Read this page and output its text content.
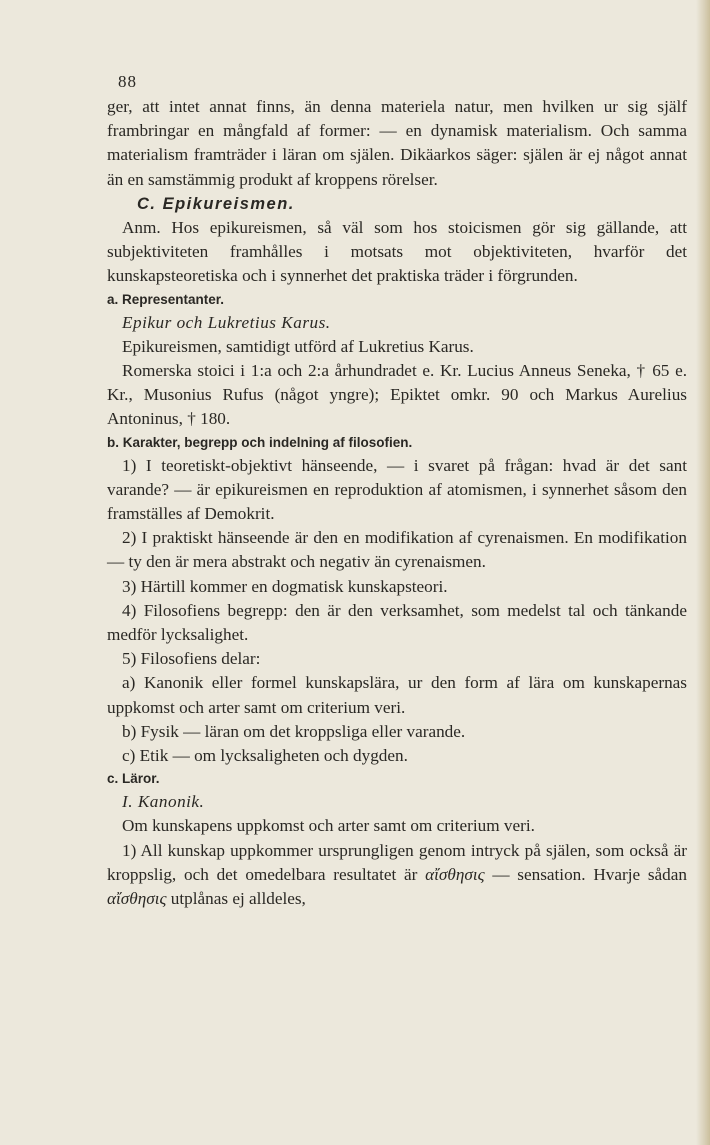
88

ger, att intet annat finns, än denna materiela natur, men hvilken ur sig själf frambringar en mångfald af former: — en dynamisk materialism. Och samma materialism framträder i läran om själen. Dikäarkos säger: själen är ej något annat än en samstämmig produkt af kroppens rörelser.

C. Epikureismen.

Anm. Hos epikureismen, så väl som hos stoicismen gör sig gällande, att subjektiviteten framhålles i motsats mot objektiviteten, hvarför det kunskapsteoretiska och i synnerhet det praktiska träder i förgrunden.

a. Representanter.

Epikur och Lukretius Karus.

Epikureismen, samtidigt utförd af Lukretius Karus.

Romerska stoici i 1:a och 2:a århundradet e. Kr. Lucius Anneus Seneka, † 65 e. Kr., Musonius Rufus (något yngre); Epiktet omkr. 90 och Markus Aurelius Antoninus, † 180.

b. Karakter, begrepp och indelning af filosofien.

1) I teoretiskt-objektivt hänseende, — i svaret på frågan: hvad är det sant varande? — är epikureismen en reproduktion af atomismen, i synnerhet såsom den framställes af Demokrit.

2) I praktiskt hänseende är den en modifikation af cyrenaismen. En modifikation — ty den är mera abstrakt och negativ än cyrenaismen.

3) Härtill kommer en dogmatisk kunskapsteori.

4) Filosofiens begrepp: den är den verksamhet, som medelst tal och tänkande medför lycksalighet.

5) Filosofiens delar:

a) Kanonik eller formel kunskapslära, ur den form af lära om kunskapernas uppkomst och arter samt om criterium veri.

b) Fysik — läran om det kroppsliga eller varande.

c) Etik — om lycksaligheten och dygden.

c. Läror.

I. Kanonik.

Om kunskapens uppkomst och arter samt om criterium veri.

1) All kunskap uppkommer ursprungligen genom intryck på själen, som också är kroppslig, och det omedelbara resultatet är αἴσθησις — sensation. Hvarje sådan αἴσθησις utplånas ej alldeles,
